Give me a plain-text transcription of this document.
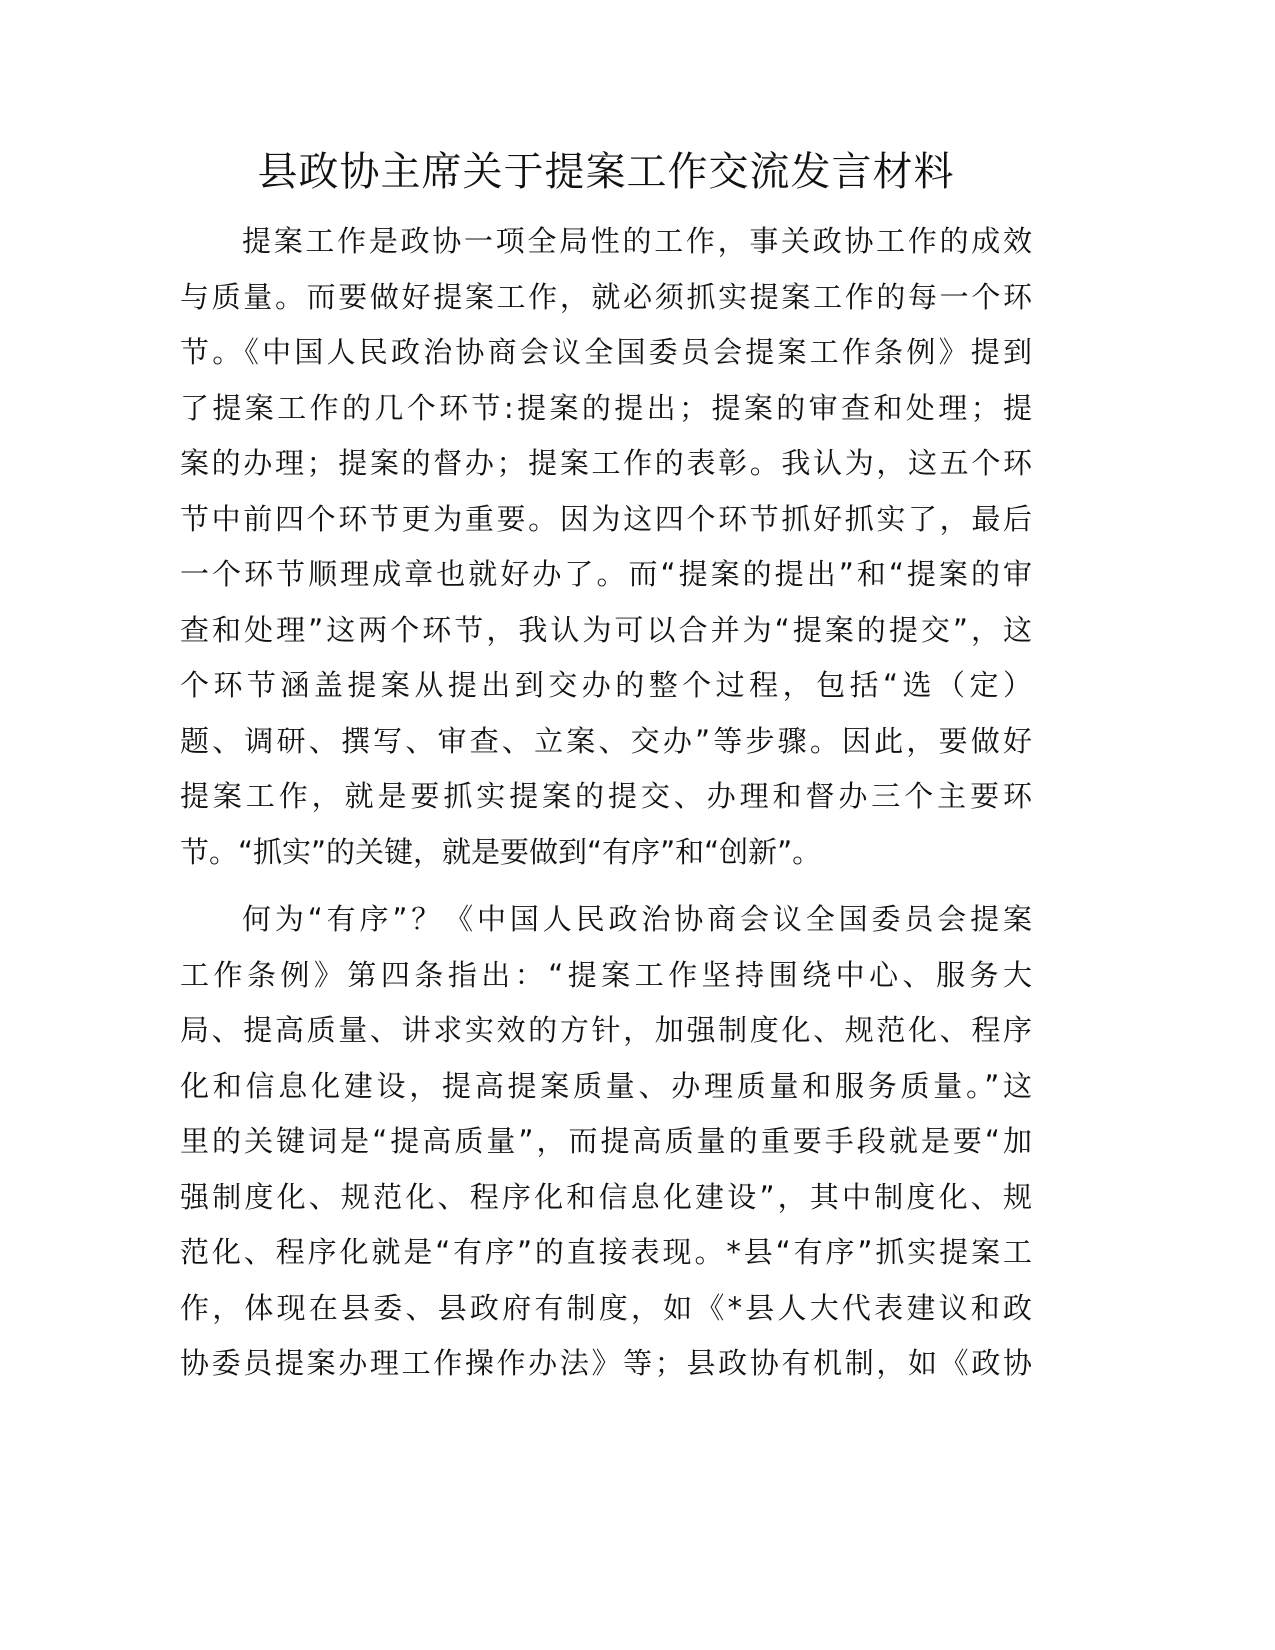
县政协主席关于提案工作交流发言材料
提案工作是政协一项全局性的工作，事关政协工作的成效
与质量。而要做好提案工作，就必须抓实提案工作的每一个环
节。《中国人民政治协商会议全国委员会提案工作条例》提到
了提案工作的几个环节:提案的提出；提案的审查和处理；提
案的办理；提案的督办；提案工作的表彰。我认为，这五个环
节中前四个环节更为重要。因为这四个环节抓好抓实了，最后
一个环节顺理成章也就好办了。而“提案的提出”和“提案的审
查和处理”这两个环节，我认为可以合并为“提案的提交”，这
个环节涵盖提案从提出到交办的整个过程，包括“选（定）
题、调研、撰写、审查、立案、交办”等步骤。因此，要做好
提案工作，就是要抓实提案的提交、办理和督办三个主要环
节。“抓实”的关键，就是要做到“有序”和“创新”。
何为“有序”？《中国人民政治协商会议全国委员会提案
工作条例》第四条指出：“提案工作坚持围绕中心、服务大
局、提高质量、讲求实效的方针，加强制度化、规范化、程序
化和信息化建设，提高提案质量、办理质量和服务质量。”这
里的关键词是“提高质量”，而提高质量的重要手段就是要“加
强制度化、规范化、程序化和信息化建设”，其中制度化、规
范化、程序化就是“有序”的直接表现。*县“有序”抓实提案工
作，体现在县委、县政府有制度，如《*县人大代表建议和政
协委员提案办理工作操作办法》等；县政协有机制，如《政协
